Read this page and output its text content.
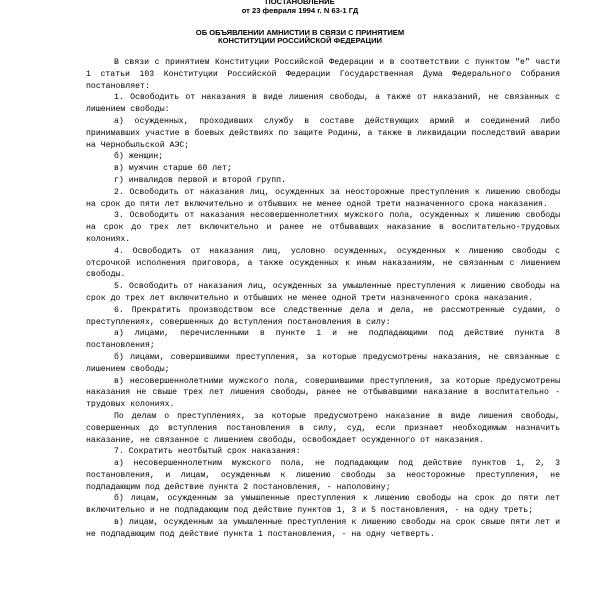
ПОСТАНОВЛЕНИЕ
от 23 февраля 1994 г. N 63-1 ГД
ОБ ОБЪЯВЛЕНИИ АМНИСТИИ В СВЯЗИ С ПРИНЯТИЕМ
КОНСТИТУЦИИ РОССИЙСКОЙ ФЕДЕРАЦИИ

В связи с принятием Конституции Российской Федерации и в соответствии с пунктом "е" части 1 статьи 103 Конституции Российской Федерации Государственная Дума Федерального Собрания постановляет:

1. Освободить от наказания в виде лишения свободы, а также от наказаний, не связанных с лишением свободы:

а) осужденных, проходивших службу в составе действующих армий и соединений либо принимавших участие в боевых действиях по защите Родины, а также в ликвидации последствий аварии на Чернобыльской АЭС;

б) женщин;

в) мужчин старше 60 лет;

г) инвалидов первой и второй групп.

2. Освободить от наказания лиц, осужденных за неосторожные преступления к лишению свободы на срок до пяти лет включительно и отбывших не менее одной трети назначенного срока наказания.

3. Освободить от наказания несовершеннолетних мужского пола, осужденных к лишению свободы на срок до трех лет включительно и ранее не отбывавших наказание в воспитательно-трудовых колониях.

4. Освободить от наказания лиц, условно осужденных, осужденных к лишению свободы с отсрочкой исполнения приговора, а также осужденных к иным наказаниям, не связанным с лишением свободы.

5. Освободить от наказания лиц, осужденных за умышленные преступления к лишению свободы на срок до трех лет включительно и отбывших не менее одной трети назначенного срока наказания.

6. Прекратить производством все следственные дела и дела, не рассмотренные судами, о преступлениях, совершенных до вступления постановления в силу:

а) лицами, перечисленными в пункте 1 и не подпадающими под действие пункта 8 постановления;

б) лицами, совершившими преступления, за которые предусмотрены наказания, не связанные с лишением свободы;

в) несовершеннолетними мужского пола, совершившими преступления, за которые предусмотрены наказания не свыше трех лет лишения свободы, ранее не отбывавшими наказание в воспитательно - трудовых колониях.

По делам о преступлениях, за которые предусмотрено наказание в виде лишения свободы, совершенных до вступления постановления в силу, суд, если признает необходимым назначить наказание, не связанное с лишением свободы, освобождает осужденного от наказания.

7. Сократить неотбытый срок наказания:

а) несовершеннолетним мужского пола, не подпадающим под действие пунктов 1, 2, 3 постановления, и лицам, осужденным к лишению свободы за неосторожные преступления, не подпадающим под действие пункта 2 постановления, - наполовину;

б) лицам, осужденным за умышленные преступления к лишению свободы на срок до пяти лет включительно и не подпадающим под действие пунктов 1, 3 и 5 постановления, - на одну треть;

в) лицам, осужденным за умышленные преступления к лишению свободы на срок свыше пяти лет и не подпадающим под действие пункта 1 постановления, - на одну четверть.
